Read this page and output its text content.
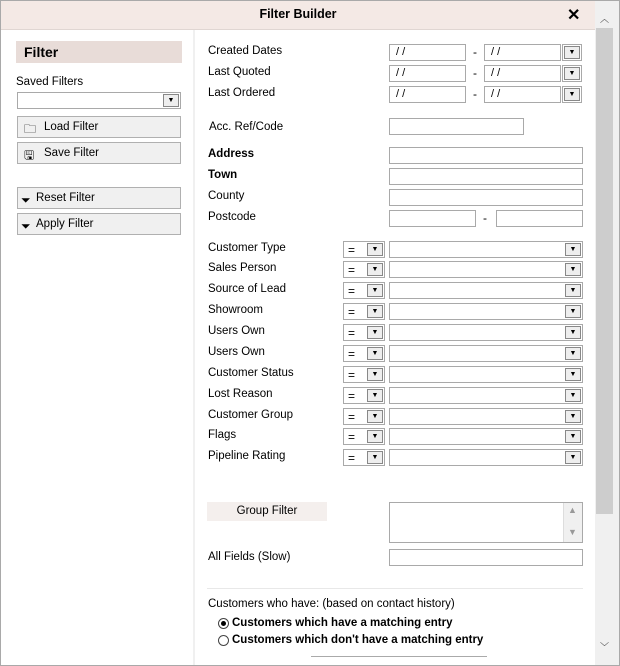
Filter Builder	✕
Filter
Saved Filters
▼
🗀 Load Filter
🖫 Save Filter
⏷ Reset Filter
⏷ Apply Filter
Acc. Ref/Code
Address
Town
County
Postcode	-
Group Filter	▲
▼
All Fields (Slow)
Customers who have: (based on contact history)
Customers which have a matching entry
Customers which don't have a matching entry
︿
﹀
Created Dates	/ /	-	/ /	▼
Last Quoted	/ /	-	/ /	▼
Last Ordered	/ /	-	/ /	▼
Customer Type	=	▼	▼
Sales Person	=	▼	▼
Source of Lead	=	▼	▼
Showroom	=	▼	▼
Users Own	=	▼	▼
Users Own	=	▼	▼
Customer Status	=	▼	▼
Lost Reason	=	▼	▼
Customer Group	=	▼	▼
Flags	=	▼	▼
Pipeline Rating	=	▼	▼
